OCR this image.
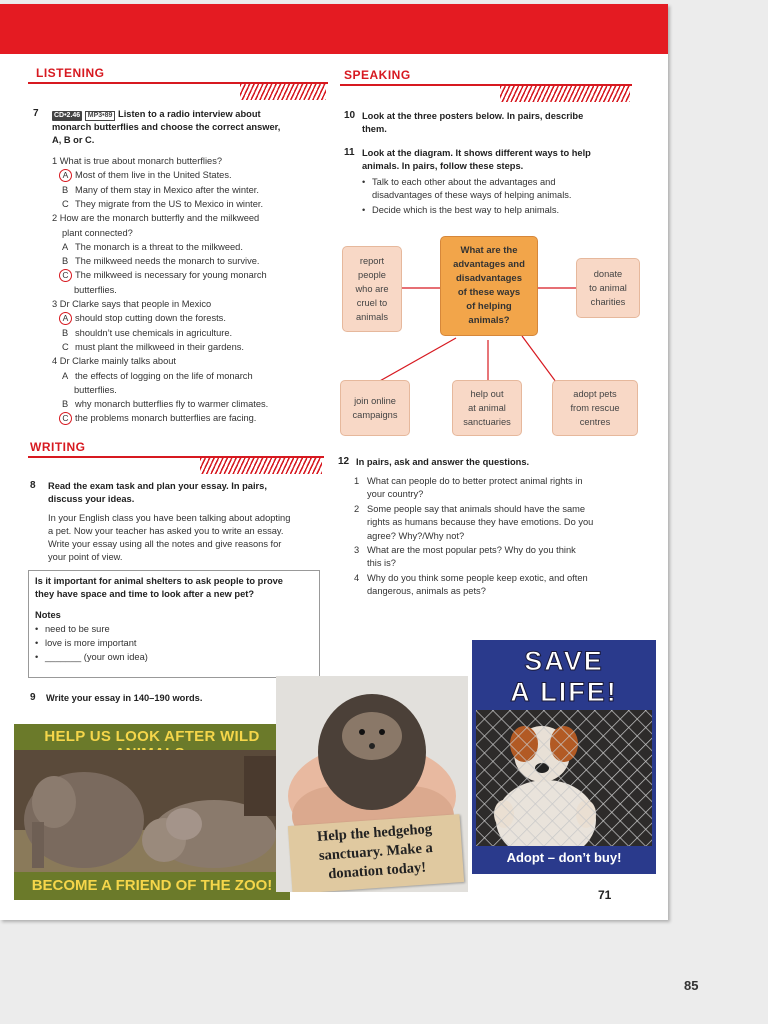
85
LISTENING
7 CD•2.46 MP3•89 Listen to a radio interview about
monarch butterflies and choose the correct answer,
A, B or C.
1 What is true about monarch butterflies?
A Most of them live in the United States.
B Many of them stay in Mexico after the winter.
C They migrate from the US to Mexico in winter.
2 How are the monarch butterfly and the milkweed
plant connected?
A The monarch is a threat to the milkweed.
B The milkweed needs the monarch to survive.
C The milkweed is necessary for young monarch
butterflies.
3 Dr Clarke says that people in Mexico
A should stop cutting down the forests.
B shouldn’t use chemicals in agriculture.
C must plant the milkweed in their gardens.
4 Dr Clarke mainly talks about
A the effects of logging on the life of monarch
butterflies.
B why monarch butterflies fly to warmer climates.
C the problems monarch butterflies are facing.
WRITING
8 Read the exam task and plan your essay. In pairs,
discuss your ideas.
In your English class you have been talking about adopting
a pet. Now your teacher has asked you to write an essay.
Write your essay using all the notes and give reasons for
your point of view.
Is it important for animal shelters to ask people to prove
they have space and time to look after a new pet?
Notes
• need to be sure
• love is more important
• _______ (your own idea)
9 Write your essay in 140–190 words.
SPEAKING
10 Look at the three posters below. In pairs, describe
them.
11 Look at the diagram. It shows different ways to help
animals. In pairs, follow these steps.
• Talk to each other about the advantages and
disadvantages of these ways of helping animals.
• Decide which is the best way to help animals.
What are the
advantages and
disadvantages
of these ways
of helping
animals?
report
people
who are
cruel to
animals
donate
to animal
charities
join online
campaigns
help out
at animal
sanctuaries
adopt pets
from rescue
centres
12 In pairs, ask and answer the questions.
1 What can people do to better protect animal rights in
your country?
2 Some people say that animals should have the same
rights as humans because they have emotions. Do you
agree? Why?/Why not?
3 What are the most popular pets? Why do you think
this is?
4 Why do you think some people keep exotic, and often
dangerous, animals as pets?
HELP US LOOK AFTER WILD
BECOME A FRIEND OF THE ZOO!
Help the hedgehog
sanctuary. Make a
donation today!
SAVE
A LIFE!
Adopt – don’t buy!
71
